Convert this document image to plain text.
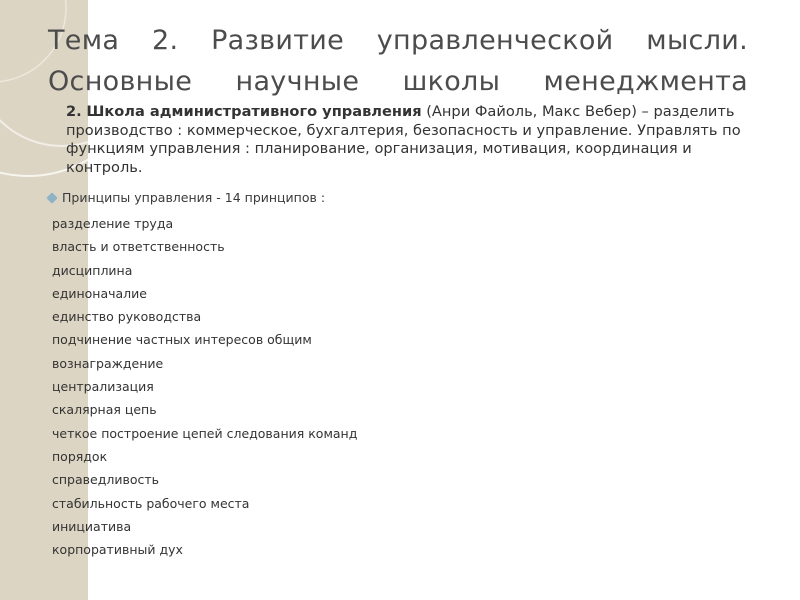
Тема 2. Развитие управленческой мысли. Основные научные школы менеджмента

2. Школа административного управления (Анри Файоль, Макс Вебер) – разделить производство : коммерческое, бухгалтерия, безопасность и управление. Управлять по функциям управления : планирование, организация, мотивация, координация и контроль.

Принципы управления - 14 принципов :
разделение труда
власть и ответственность
дисциплина
единоначалие
единство руководства
подчинение частных интересов общим
вознаграждение
централизация
скалярная цепь
четкое построение цепей следования команд
порядок
справедливость
стабильность рабочего места
инициатива
корпоративный дух
